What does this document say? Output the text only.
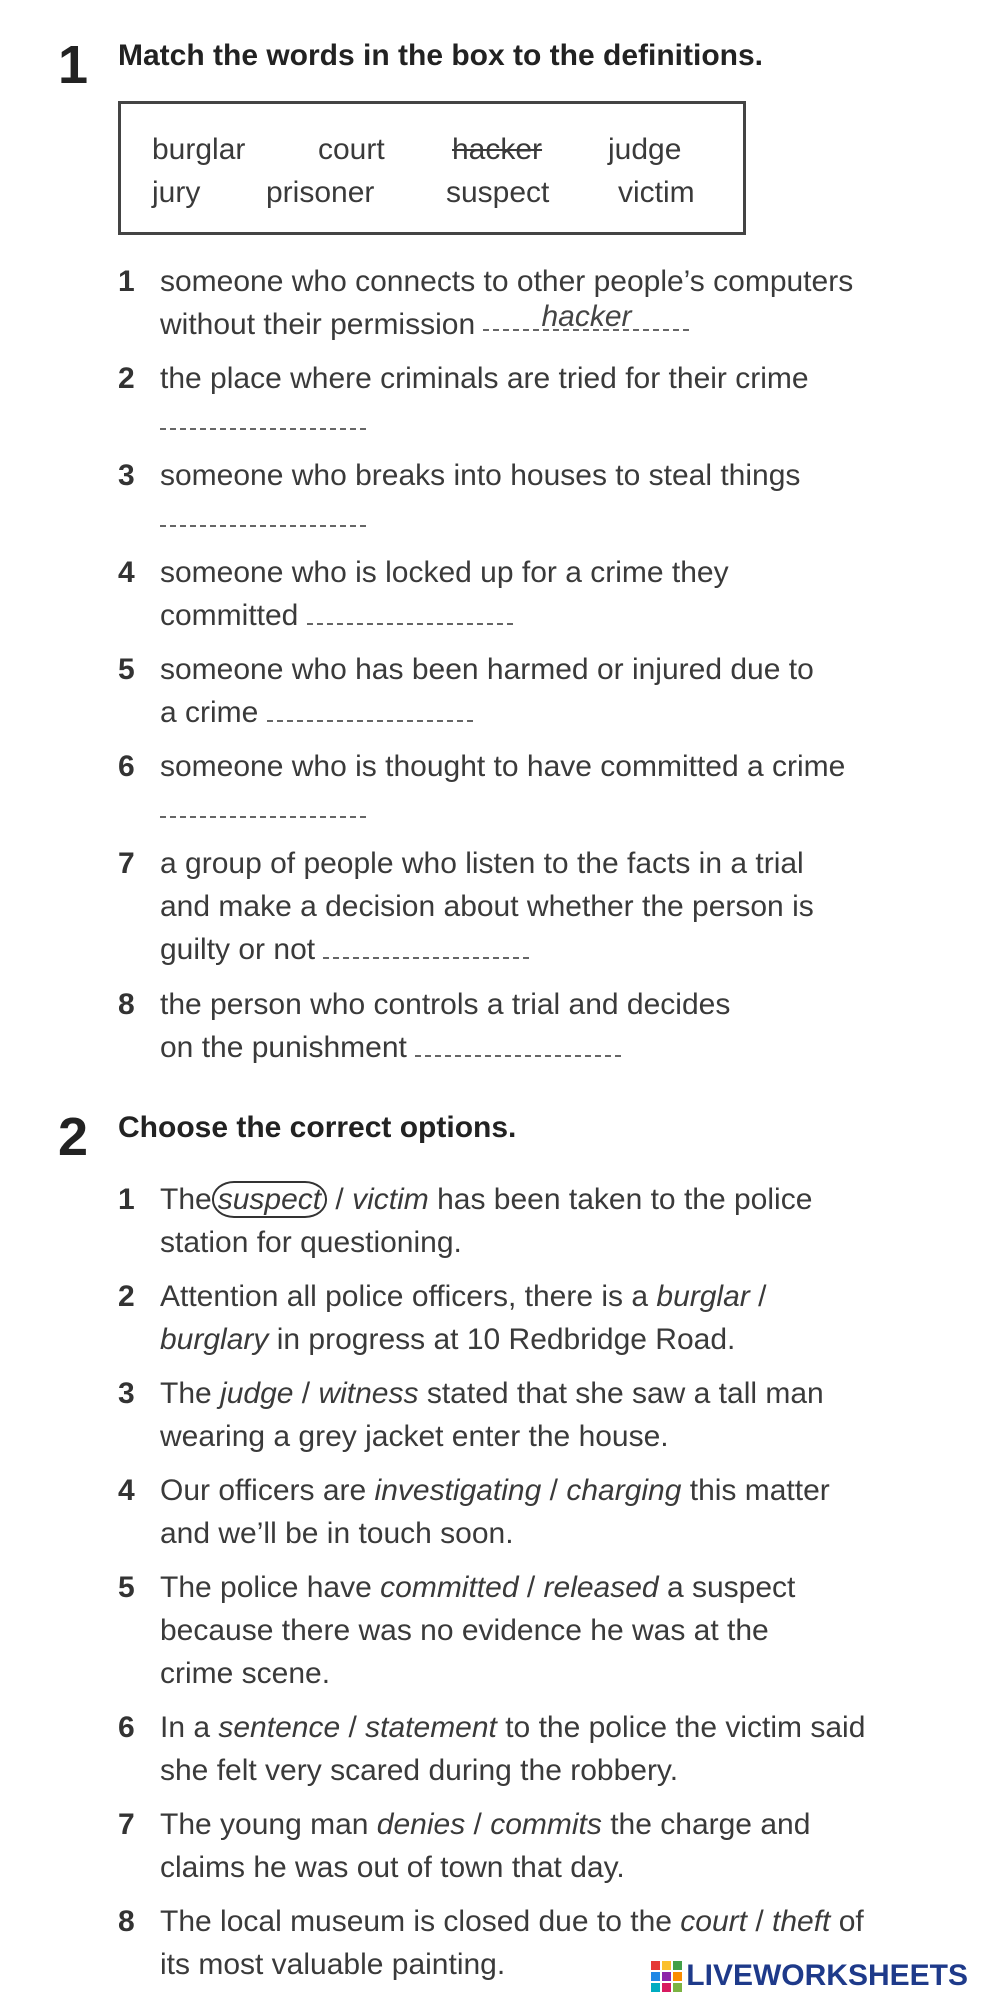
1 Match the words in the box to the definitions.
burglar court hacker judge
jury prisoner suspect victim
1 someone who connects to other people’s computers
without their permission hacker
2 the place where criminals are tried for their crime
3 someone who breaks into houses to steal things
4 someone who is locked up for a crime they
committed
5 someone who has been harmed or injured due to
a crime
6 someone who is thought to have committed a crime
7 a group of people who listen to the facts in a trial
and make a decision about whether the person is
guilty or not
8 the person who controls a trial and decides
on the punishment
2 Choose the correct options.
1 The suspect / victim has been taken to the police
station for questioning.
2 Attention all police officers, there is a burglar /
burglary in progress at 10 Redbridge Road.
3 The judge / witness stated that she saw a tall man
wearing a grey jacket enter the house.
4 Our officers are investigating / charging this matter
and we’ll be in touch soon.
5 The police have committed / released a suspect
because there was no evidence he was at the
crime scene.
6 In a sentence / statement to the police the victim said
she felt very scared during the robbery.
7 The young man denies / commits the charge and
claims he was out of town that day.
8 The local museum is closed due to the court / theft of
its most valuable painting.	LIVEWORKSHEETS
